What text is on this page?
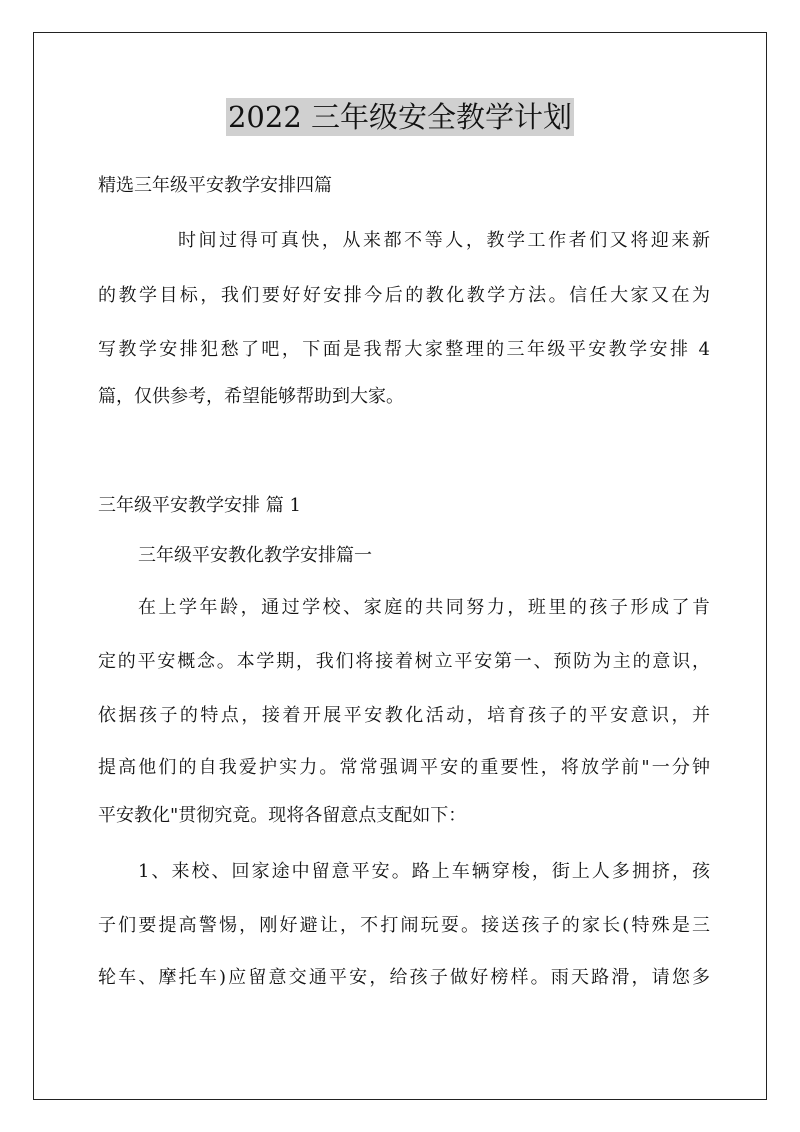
2022 三年级安全教学计划
精选三年级平安教学安排四篇
时间过得可真快，从来都不等人，教学工作者们又将迎来新
的教学目标，我们要好好安排今后的教化教学方法。信任大家又在为
写教学安排犯愁了吧，下面是我帮大家整理的三年级平安教学安排 4
篇，仅供参考，希望能够帮助到大家。
三年级平安教学安排 篇 1
三年级平安教化教学安排篇一
在上学年龄，通过学校、家庭的共同努力，班里的孩子形成了肯
定的平安概念。本学期，我们将接着树立平安第一、预防为主的意识，
依据孩子的特点，接着开展平安教化活动，培育孩子的平安意识，并
提高他们的自我爱护实力。常常强调平安的重要性，将放学前"一分钟
平安教化"贯彻究竟。现将各留意点支配如下：
1、来校、回家途中留意平安。路上车辆穿梭，街上人多拥挤，孩
子们要提高警惕，刚好避让，不打闹玩耍。接送孩子的家长(特殊是三
轮车、摩托车)应留意交通平安，给孩子做好榜样。雨天路滑，请您多
